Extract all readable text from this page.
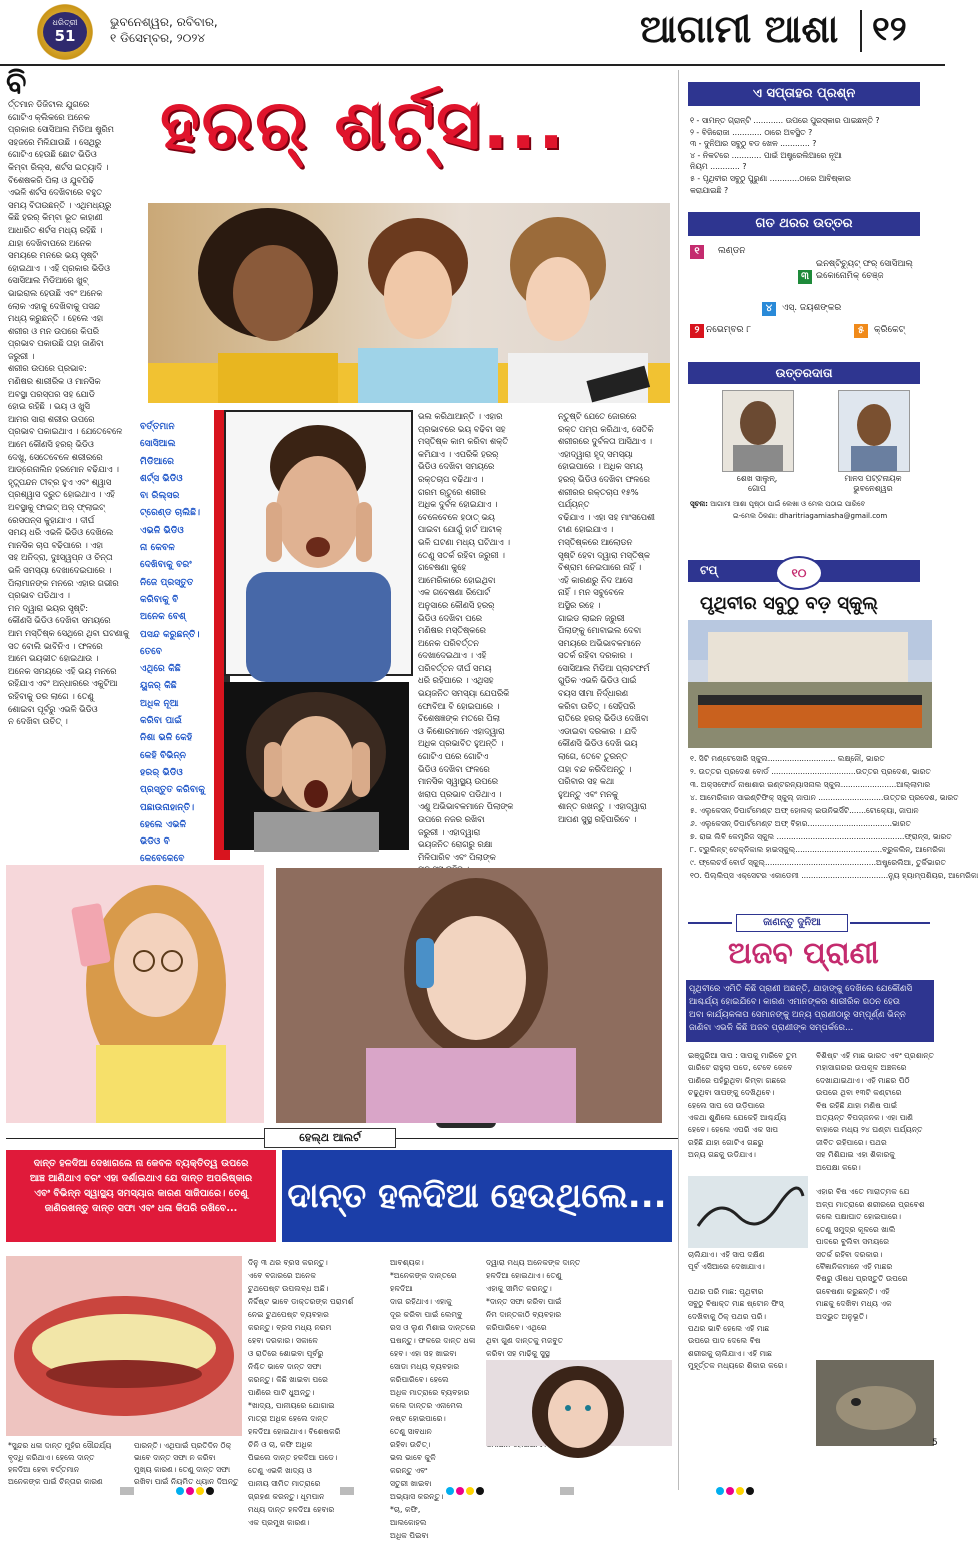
ଧରିତ୍ରୀ
51
ଭୁବନେଶ୍ୱର, ରବିବାର,
୧ ଡିସେମ୍ବର, ୨୦୨୪	ଆଗାମୀ ଆଶା ୧୨
ହରର୍ ଶର୍ଟ୍ସ...
ବି
ର୍ତ୍ତମାନ ଡିଜିଟାଲ ଯୁଗରେ
ଗୋଟିଏ କ୍ଲିକରେ ଅନେକ
ପ୍ରକାର ସୋସିଆଲ ମିଡିଆ ଷ୍ଟ୍ରିମ
ସହଜରେ ମିଳିଯାଉଛି । ସେଥିରୁ
ଗୋଟିଏ ହେଉଛି ଛୋଟ ଭିଡିଓ
କିମ୍ବା ରିଲ୍ସ, ଶର୍ଟସ ଇତ୍ୟାଦି ।
ବିଶେଷକରି ପିଲା ଓ ଯୁବପିଢି
ଏଭଳି ଶର୍ଟସ ଦେଖିବାରେ ବହୁତ
ସମୟ ବିତାଉଛନ୍ତି । ଏଥିମଧ୍ୟରୁ
କିଛି ହରର୍ କିମ୍ବା ଭୂତ କାହାଣୀ
ଆଧାରିତ ଶର୍ଟସ ମଧ୍ୟ ରହିଛି ।
ଯାହା ଦେଖିବାପରେ ଅନେକ
ସମୟରେ ମନରେ ଭୟ ସୃଷ୍ଟି
ହୋଇଥାଏ । ଏହି ପ୍ରକାର ଭିଡିଓ
ସୋସିଆଲ ମିଡିଆରେ ଖୁବ୍
ଭାଇରାଲ ହେଉଛି ଏବଂ ଅନେକ
ଲୋକ ଏହାକୁ ଦେଖିବାକୁ ପସନ୍ଦ
ମଧ୍ୟ କରୁଛନ୍ତି । ହେଲେ ଏହା
ଶରୀର ଓ ମନ ଉପରେ କିପରି
ପ୍ରଭାବ ପକାଉଛି ତାହା ଜାଣିବା
ଜରୁରୀ ।
ଶରୀର ଉପରେ ପ୍ରଭାବ:
ମଣିଷର ଶାରୀରିକ ଓ ମାନସିକ
ଅବସ୍ଥା ପରସ୍ପର ସହ ଯୋଡି
ହୋଇ ରହିଛି । ଭୟ ଓ ଖୁସି
ଆମର ସାରା ଶରୀର ଉପରେ
ପ୍ରଭାବ ପକାଇଥାଏ । ଯେତେବେଳେ
ଆମେ କୌଣସି ହରର୍ ଭିଡିଓ
ଦେଖୁ, ସେତେବେଳେ ଶରୀରରେ
ଆଡ୍ରେନାଲିନ ହରମୋନ ବଢିଯାଏ ।
ହୃତ୍ସ୍ପନ୍ଦନ ତୀବ୍ର ହୁଏ ଏବଂ ଶ୍ୱାସ
ପ୍ରଶ୍ୱାସ ଦ୍ରୁତ ହୋଇଥାଏ । ଏହି
ଅବସ୍ଥାକୁ ଫାଇଟ୍ ଅର୍ ଫ୍ଲାଇଟ୍
ରେସପନ୍ସ କୁହାଯାଏ । ଦୀର୍ଘ
ସମୟ ଧରି ଏଭଳି ଭିଡିଓ ଦେଖିଲେ
ମାନସିକ ଚାପ ବଢିପାରେ । ଏହା
ସହ ଅନିଦ୍ରା, ଦୁଃସ୍ୱପ୍ନ ଓ ଚିନ୍ତା
ଭଳି ସମସ୍ୟା ଦେଖାଦେଇପାରେ ।
ପିଲାମାନଙ୍କ ମନରେ ଏହାର ଗଭୀର
ପ୍ରଭାବ ପଡିଥାଏ ।
ମନ ଦ୍ୱାରା ଭୟର ସୃଷ୍ଟି:
କୌଣସି ଭିଡିଓ ଦେଖିବା ସମୟରେ
ଆମ ମସ୍ତିଷ୍କ ସେଥିରେ ଥିବା ଘଟଣାକୁ
ସତ ବୋଲି ଭାବିନିଏ । ଫଳରେ
ଆମେ ଭୟଭୀତ ହୋଇଥାଉ ।
ଅନେକ ସମୟରେ ଏହି ଭୟ ମନରେ
ରହିଯାଏ ଏବଂ ଅନ୍ଧାରରେ ଏକୁଟିଆ
ରହିବାକୁ ଡର ଲାଗେ । ତେଣୁ
ଶୋଇବା ପୂର୍ବରୁ ଏଭଳି ଭିଡିଓ
ନ ଦେଖିବା ଉଚିତ୍ ।
ବର୍ତ୍ତମାନ
ସୋସିଆଲ
ମିଡିଆରେ
ଶର୍ଟ୍ସ ଭିଡିଓ
ବା ରିଲ୍ସର
ଟ୍ରେଣ୍ଡ ଚାଲିଛି।
ଏଭଳି ଭିଡିଓ
ନା କେବଳ
ଦେଖିବାକୁ ବରଂ
ନିଜେ ପ୍ରସ୍ତୁତ
କରିବାକୁ ବି
ଅନେକ ବେଶ୍
ପସନ୍ଦ କରୁଛନ୍ତି।
ତେବେ
ଏଥିରେ କିଛି
ୟୁଜର୍ କିଛି
ଅଧିକ ନୂଆ
କରିବା ପାଇଁ
ନିଶା ଭଳି କେହି
କେହି ବିଭିନ୍ନ
ହରର୍ ଭିଡିଓ
ପ୍ରସ୍ତୁତ କରିବାକୁ
ପଛାଉନାହାନ୍ତି।
ହେଲେ ଏଭଳି
ଭିଡିଓ ବି
କେବେକେବେ

ଭଲ କରିଥାଆନ୍ତି । ଏହାର
ପ୍ରଭାବରେ ଭୟ ବଢିବା ସହ
ମସ୍ତିଷ୍କ କାମ କରିବା ଶକ୍ତି
କମିଯାଏ । ଏପରିକି ହରର୍
ଭିଡିଓ ଦେଖିବା ସମୟରେ
ରକ୍ତଚାପ ବଢିଥାଏ ।
ଗରମ ଋତୁରେ ଶରୀର
ଅଧିକ ଦୁର୍ବଳ ହୋଇଯାଏ ।
ବେଳେବେଳେ ହଠାତ୍ ଭୟ
ପାଇବା ଯୋଗୁଁ ହାର୍ଟ ଆଟାକ୍
ଭଳି ଘଟଣା ମଧ୍ୟ ଘଟିଥାଏ ।
ତେଣୁ ସତର୍କ ରହିବା ଜରୁରୀ ।
ଗବେଷଣା କୁହେ
ଆମେରିକାରେ ହୋଇଥିବା
ଏକ ଗବେଷଣା ରିପୋର୍ଟ
ଅନୁସାରେ କୌଣସି ହରର୍
ଭିଡିଓ ଦେଖିବା ପରେ
ମଣିଷର ମସ୍ତିଷ୍କରେ
ଅନେକ ପରିବର୍ତ୍ତନ
ଦେଖାଦେଇଥାଏ । ଏହି
ପରିବର୍ତ୍ତନ ଦୀର୍ଘ ସମୟ
ଧରି ରହିପାରେ । ଏଥିସହ
ଭୟଜନିତ ସମସ୍ୟା ଯେପରିକି
ଫୋବିଆ ବି ହୋଇପାରେ ।
ବିଶେଷଜ୍ଞଙ୍କ ମତରେ ପିଲା
ଓ କିଶୋରମାନେ ଏହାଦ୍ୱାରା
ଅଧିକ ପ୍ରଭାବିତ ହୁଅନ୍ତି ।
ଗୋଟିଏ ପରେ ଗୋଟିଏ
ଭିଡିଓ ଦେଖିବା ଫଳରେ
ମାନସିକ ସ୍ୱାସ୍ଥ୍ୟ ଉପରେ
ଖରାପ ପ୍ରଭାବ ପଡିଥାଏ ।
ଏଣୁ ଅଭିଭାବକମାନେ ପିଲାଙ୍କ
ଉପରେ ନଜର ରଖିବା
ଜରୁରୀ । ଏହାଦ୍ୱାରା
ଭୟଜନିତ ରୋଗରୁ ରକ୍ଷା
ମିଳିପାରିବ ଏବଂ ପିଲାଙ୍କ

ନ୍ତୁଷ୍ଟି ଯେତେ ଜୋରରେ
ରକ୍ତ ପମ୍ପ କରିଥାଏ, ସେତିକି
ଶରୀରରେ ଦୁର୍ବଳତା ଆସିଥାଏ ।
ଏହାଦ୍ୱାରା ହୃଦ୍ ସମସ୍ୟା
ହୋଇପାରେ । ଅଧିକ ସମୟ
ହରର୍ ଭିଡିଓ ଦେଖିବା ଫଳରେ
ଶରୀରର ରକ୍ତଚାପ ୧୫% ପର୍ଯ୍ୟନ୍ତ
ବଢିଯାଏ । ଏହା ସହ ମାଂସପେଶୀ
ଟାଣ ହୋଇଯାଏ ।
ମସ୍ତିଷ୍କରେ ଆଲୋଡନ
ସୃଷ୍ଟି ହେବା ଦ୍ୱାରା ମସ୍ତିଷ୍କ
ବିଶ୍ରାମ ନେଇପାରେ ନାହିଁ ।
ଏହି କାରଣରୁ ନିଦ ଆସେ
ନାହିଁ । ମନ ସବୁବେଳେ
ଅସ୍ଥିର ରହେ ।
ଗାଇଡ ଲାଇନ ଜରୁରୀ
ପିଲାଙ୍କୁ ମୋବାଇଲ ଦେବା
ସମୟରେ ଅଭିଭାବକମାନେ
ସତର୍କ ରହିବା ଦରକାର ।
ସୋସିଆଲ ମିଡିଆ ପ୍ଲାଟଫର୍ମ
ଗୁଡିକ ଏଭଳି ଭିଡିଓ ପାଇଁ
ବୟସ ସୀମା ନିର୍ଦ୍ଧାରଣ
କରିବା ଉଚିତ୍ । ସେହିପରି
ରାତିରେ ହରର୍ ଭିଡିଓ ଦେଖିବା
ଏଡାଇବା ଦରକାର । ଯଦି
କୌଣସି ଭିଡିଓ ଦେଖି ଭୟ
ଲାଗେ, ତେବେ ତୁରନ୍ତ
ତାହା ବନ୍ଦ କରିଦିଅନ୍ତୁ ।
ପରିବାର ସହ କଥା
ହୁଅନ୍ତୁ ଏବଂ ମନକୁ
ଶାନ୍ତ ରଖନ୍ତୁ । ଏହାଦ୍ୱାରା
ଆପଣ ସୁସ୍ଥ ରହିପାରିବେ ।
ଏ ସପ୍ତାହର ପ୍ରଶ୍ନ
୧ - ସାମନ୍ତ ଗ୍ରାନ୍ଟି ............ ଉପରେ ପୁରସ୍କାର ପାଇଛନ୍ତି ?
୨ - ବିଜିରୋଜା ............ ଠାରେ ଅବସ୍ଥିତ ?
୩ - ଦୁନିଆର ସବୁଠୁ ବଡ ଖେଳ ............ ?
୪ - ନିକଟରେ ............ ପାଇଁ ଅଷ୍ଟ୍ରେଲିଆରେ ନୂଆ
ନିୟମ ............ ?
୫ - ପୃଥିବୀର ସବୁଠୁ ପୁରୁଣା ............ଠାରେ ଆବିଷ୍କାର
କରାଯାଇଛି ?
ଗତ ଥରର ଉତ୍ତର
୧	ଲଣ୍ଡନ
୨ ନଭେମ୍ବର ୮
୩
ଇନଷ୍ଟିଚ୍ୟୁଟ୍ ଫର୍ ସୋସିଆଲ୍ ଇକୋନୋମିକ୍ ଚେଞ୍ଜ
୪	ଏସ୍. ଜୟଶଙ୍କର
୫	କ୍ରିକେଟ୍
ଉତ୍ତରଦାତା
ଶେଖ ସାଲୁନ୍,
ଗୋପ
ମାନସ ପଟ୍ଟନାୟକ
ଭୁବନେଶ୍ୱର
ସୂଚନା: ଆଗାମୀ ଆଶା ପୃଷ୍ଠା ପାଇଁ ଲେଖା ଓ ମେଲ ପଠାଇ ପାରିବେ
ଇ-ମେଲ ଠିକଣା: dharitriagamiasha@gmail.com
ଟପ୍	୧୦
ପୃଥିବୀର ସବୁଠୁ ବଡ଼ ସ୍କୁଲ୍
୧. ସିଟି ମଣ୍ଟେସୋରି ସ୍କୁଲ............................ ଲକ୍ଷ୍ନୌ, ଭାରତ
୨. ଉତ୍ତର ପ୍ରଦେଶ ବୋର୍ଡ ...................................ଉତ୍ତର ପ୍ରଦେଶ, ଭାରତ
୩. ଅକ୍ସଫୋର୍ଡ ନାଷାଶାର ଇଣ୍ଟରନ୍ୟାସନାଲ ସ୍କୁଲ.......................ଆଲ୍ଲାମାର
୪. ଆମେରିକାନ ସାଇଣ୍ଟିଫିକ୍ ସ୍କୁଲ୍ ଜାପାନ ...........................ଉତ୍ତର ପ୍ରଦେଶ, ଭାରତ
୫. ଏଲୁକେସନ୍ ଡିପାର୍ଟମେଣ୍ଟ ଅଫ୍ ହୋଲକ୍ ଇଉନିଭର୍ସିଟି.......ଟୋକ୍ୟୋ, ଜାପାନ
୬. ଏଲୁକେସନ୍ ଡିପାର୍ଟମେଣ୍ଟ ଅଫ୍ ବିହାର...................................ଭାରତ
୭. ରାଇ ଲିବି କେମ୍ବ୍ରିଜ ସ୍କୁଲ .....................................................ଫ୍ରାନ୍ସ, ଭାରତ
୮. ଟ୍ରୁଲିନ୍ଟ୍ ଟେକ୍ନିକାଲ ହାଇସ୍କୁଲ୍....................................ବ୍ରୁକଲିନ୍, ଆମେରିକା
୯. ଫ୍ଲେଚର୍ସ ବୋର୍ଡ ସ୍କୁଲ୍..............................................ଅଷ୍ଟ୍ରେଲିଆ, ତୁର୍କିଭାରତ
୧୦. ପିଲ୍ଲିପ୍ସ ଏକ୍ସେଟର ଏକାଡେମୀ ....................................ନ୍ୟୁ ହ୍ୟାମ୍ପଶିୟର, ଆମେରିକା
ଜାଣନ୍ତୁ ଦୁନିଆ
ଅଜବ ପ୍ରାଣୀ
ପୃଥିବୀରେ ଏମିତି କିଛି ପ୍ରାଣୀ ଅଛନ୍ତି, ଯାହାଙ୍କୁ ଦେଖିଲେ ଯେକୌଣସି
ଆଶ୍ଚର୍ଯ୍ୟ ହୋଇଯିବେ। କାରଣ ଏମାନଙ୍କର ଶାରୀରିକ ଗଠନ ହେଉ
ଅବା କାର୍ଯ୍ୟକଳାପ ସେମାନଙ୍କୁ ଅନ୍ୟ ପ୍ରାଣୀଠାରୁ ସମ୍ପୂର୍ଣ୍ଣ ଭିନ୍ନ
ଜାଣିବା ଏଭଳି କିଛି ଅଜବ ପ୍ରାଣୀଙ୍କ ସମ୍ପର୍କରେ...
ଇଞ୍ଜୁରିଆ ସାପ : ସାପକୁ ମାରିବେ ତୁମ
ଗାରିଟେ ରାହୁଲା ପଡେ, ଟେବେ କେବେ
ପାଣିରେ ପହଁରୁଥିବା କିମ୍ବା ଗଛରେ
ଚଢୁଥିବା ସାପଙ୍କୁ ଦେଖିଥିବେ।
ହେଲେ ସାପ ସେ ଉଡ଼ିପାରେ
ଏକଥା ଶୁଣିଲେ ଯେକେହି ଆଶ୍ଚର୍ଯ୍ୟ
ହେବେ। ହେଲେ ଏପରି ଏକ ସାପ
ରହିଛି ଯାହା ଗୋଟିଏ ଗଛରୁ
ଅନ୍ୟ ଗଛକୁ ଉଡିଯାଏ।

ଚାଲିଯାଏ। ଏହି ସାପ ଦକ୍ଷିଣ
ପୂର୍ବ ଏସିଆରେ ଦେଖାଯାଏ।

ପଥର ପରି ମାଛ: ପୃଥିବୀର
ସବୁଠୁ ବିଷାକ୍ତ ମାଛ ଷ୍ଟୋନ ଫିସ୍
ଦେଖିବାକୁ ଠିକ୍ ପଥର ପରି।
ପଥର ଭାବି ହେଲେ ଏହି ମାଛ
ଉପରେ ପାଦ ଦେଲେ ବିଷ
ଶରୀରକୁ ଚାଲିଯାଏ। ଏହି ମାଛ
ମୁହୂର୍ତ୍ତକ ମଧ୍ୟରେ ଶିକାର କରେ।
ବିଶିଷ୍ଟ ଏହି ମାଛ ଭାରତ ଏବଂ ପ୍ରଶାନ୍ତ
ମହାସାଗରର ଉପକୂଳ ଅଞ୍ଚଳରେ
ଦେଖାଯାଇଥାଏ। ଏହି ମାଛର ପିଠି
ଉପରେ ଥିବା ୧୩ଟି କଣ୍ଟାରେ
ବିଷ ରହିଛି ଯାହା ମଣିଷ ପାଇଁ
ଅତ୍ୟନ୍ତ ବିପଜ୍ଜନକ। ଏହା ପାଣି
ବାହାରେ ମଧ୍ୟ ୨୪ ଘଣ୍ଟା ପର୍ଯ୍ୟନ୍ତ
ଜୀବିତ ରହିପାରେ। ପଥର
ସହ ମିଶିଯାଇ ଏହା ଶିକାରକୁ
ଅପେକ୍ଷା କରେ।

ଏହାର ବିଷ ଏତେ ମାରାତ୍ମକ ଯେ
ଅଳ୍ପ ମାତ୍ରାରେ ଶରୀରରେ ପ୍ରବେଶ
କଲେ ପକ୍ଷାଘାତ ହୋଇପାରେ।
ତେଣୁ ସମୁଦ୍ର କୂଳରେ ଖାଲି
ପାଦରେ ବୁଲିବା ସମୟରେ
ସତର୍କ ରହିବା ଦରକାର।
ବୈଜ୍ଞାନିକମାନେ ଏହି ମାଛର
ବିଷରୁ ଔଷଧ ପ୍ରସ୍ତୁତି ଉପରେ
ଗବେଷଣା କରୁଛନ୍ତି। ଏହି
ମାଛକୁ ଦେଖିବା ମଧ୍ୟ ଏକ
ଅଦ୍ଭୁତ ଅନୁଭୂତି।
ହେଲ୍ଥ ଆଲର୍ଟ
ଦାନ୍ତ ହଳଦିଆ ଦେଖାଗଲେ ନା କେବଳ ବ୍ୟକ୍ତିତ୍ୱ ଉପରେ
ଆଞ୍ଚ ଆଣିଥାଏ ବରଂ ଏହା ଦର୍ଶାଇଥାଏ ଯେ ଦାନ୍ତ ଅପରିଷ୍କାର
ଏବଂ ବିଭିନ୍ନ ସ୍ୱାସ୍ଥ୍ୟ ସମସ୍ୟାର କାରଣ ସାଜିପାରେ। ତେଣୁ
ଜାଣିରଖନ୍ତୁ ଦାନ୍ତ ସଫା ଏବଂ ଧଳା କିପରି ରଖିବେ...	ଦାନ୍ତ ହଳଦିଆ ହେଉଥିଲେ...
ଦିନୁ ୩ ଥର ବ୍ରସ କରନ୍ତୁ।
ଏବେ ବଜାରରେ ଅନେକ
ଟୁଥପେଷ୍ଟ ଉପଲବ୍ଧ ଅଛି।
ନିର୍ଦ୍ଦିଷ୍ଟ ଭାବେ ଡାକ୍ତରଙ୍କ ପରାମର୍ଶ
ନେଇ ଟୁଥପେଷ୍ଟ ବ୍ୟବହାର
କରନ୍ତୁ। ବ୍ରସ ମଧ୍ୟ ନରମ
ହେବା ଦରକାର। ସକାଳେ
ଓ ରାତିରେ ଶୋଇବା ପୂର୍ବରୁ
ନିଶ୍ଚିତ ଭାବେ ଦାନ୍ତ ସଫା
କରନ୍ତୁ। କିଛି ଖାଇବା ପରେ
ପାଣିରେ ପାଟି ଧୁଅନ୍ତୁ।
*ଖାଦ୍ୟ, ପାନୀୟରେ ଯୋଗାଇ
ମାତ୍ରା ଅଧିକ ହେଲେ ଦାନ୍ତ
ହଳଦିଆ ହୋଇଥାଏ। ବିଶେଷକରି
ଚିନି ଓ ଚା, କଫି ଅଧିକ
ପିଇଲେ ଦାନ୍ତ ହଳଦିଆ ପଡେ।
ତେଣୁ ଏଭଳି ଖାଦ୍ୟ ଓ
ପାନୀୟ ସୀମିତ ମାତ୍ରାରେ
ଗ୍ରହଣ କରନ୍ତୁ। ଧୂମପାନ
ମଧ୍ୟ ଦାନ୍ତ ହଳଦିଆ ହେବାର
ଏକ ପ୍ରମୁଖ କାରଣ।
ଆବଶ୍ୟକ।
*ଅନେକଙ୍କ ଦାନ୍ତରେ ହଳଦିଆ
ଦାଗ ରହିଥାଏ। ଏହାକୁ
ଦୂର କରିବା ପାଇଁ ଲେମ୍ବୁ
ରସ ଓ ଲୁଣ ମିଶାଇ ଦାନ୍ତରେ
ଘଷନ୍ତୁ। ଫଳରେ ଦାନ୍ତ ଧଳା
ହେବ। ଏହା ସହ ଖାଇବା
ସୋଡା ମଧ୍ୟ ବ୍ୟବହାର
କରିପାରିବେ। ହେଲେ
ଅଧିକ ମାତ୍ରାରେ ବ୍ୟବହାର
କଲେ ଦାନ୍ତର ଏନାମେଲ
ନଷ୍ଟ ହୋଇପାରେ।
ତେଣୁ ସାବଧାନ
ରହିବା ଉଚିତ୍।
ଭଲ ଭାବେ କୁଳି
କରନ୍ତୁ ଏବଂ
ସତୁରୀ ଖାଇବା
ଅଭ୍ୟାସ କରନ୍ତୁ।
*ଚା, କଫି,
ଆଲକୋହଲ
ଅଧିକ ପିଇବା
ଦ୍ୱାରା ମଧ୍ୟ ଅନେକଙ୍କ ଦାନ୍ତ
ହଳଦିଆ ହୋଇଥାଏ। ତେଣୁ
ଏହାକୁ ସୀମିତ କରନ୍ତୁ।
*ଦାନ୍ତ ସଫା କରିବା ପାଇଁ
ନିମ ଦାନ୍ତକାଠି ବ୍ୟବହାର
କରିପାରିବେ। ଏଥିରେ
ଥିବା ଗୁଣ ଦାନ୍ତକୁ ମଜବୁତ
କରିବା ସହ ମାଢିକୁ ସୁସ୍ଥ

*ସୁନ୍ଦର ଧଳା ଦାନ୍ତ ମୁହଁର ସୌନ୍ଦର୍ଯ୍ୟ
ବୃଦ୍ଧି କରିଥାଏ। ହେଲେ ଦାନ୍ତ
ହଳଦିଆ ହେବା ବର୍ତ୍ତମାନ
ଅନେକଙ୍କ ପାଇଁ ଚିନ୍ତାର କାରଣ
ପାରନ୍ତି। ଏଥିପାଇଁ ପ୍ରତିଦିନ ଠିକ୍
ଭାବେ ଦାନ୍ତ ସଫା ନ କରିବା
ମୁଖ୍ୟ କାରଣ। ତେଣୁ ଦାନ୍ତ ସଫା
ରଖିବା ପାଇଁ ନିୟମିତ ଧ୍ୟାନ ଦିଅନ୍ତୁ
5
